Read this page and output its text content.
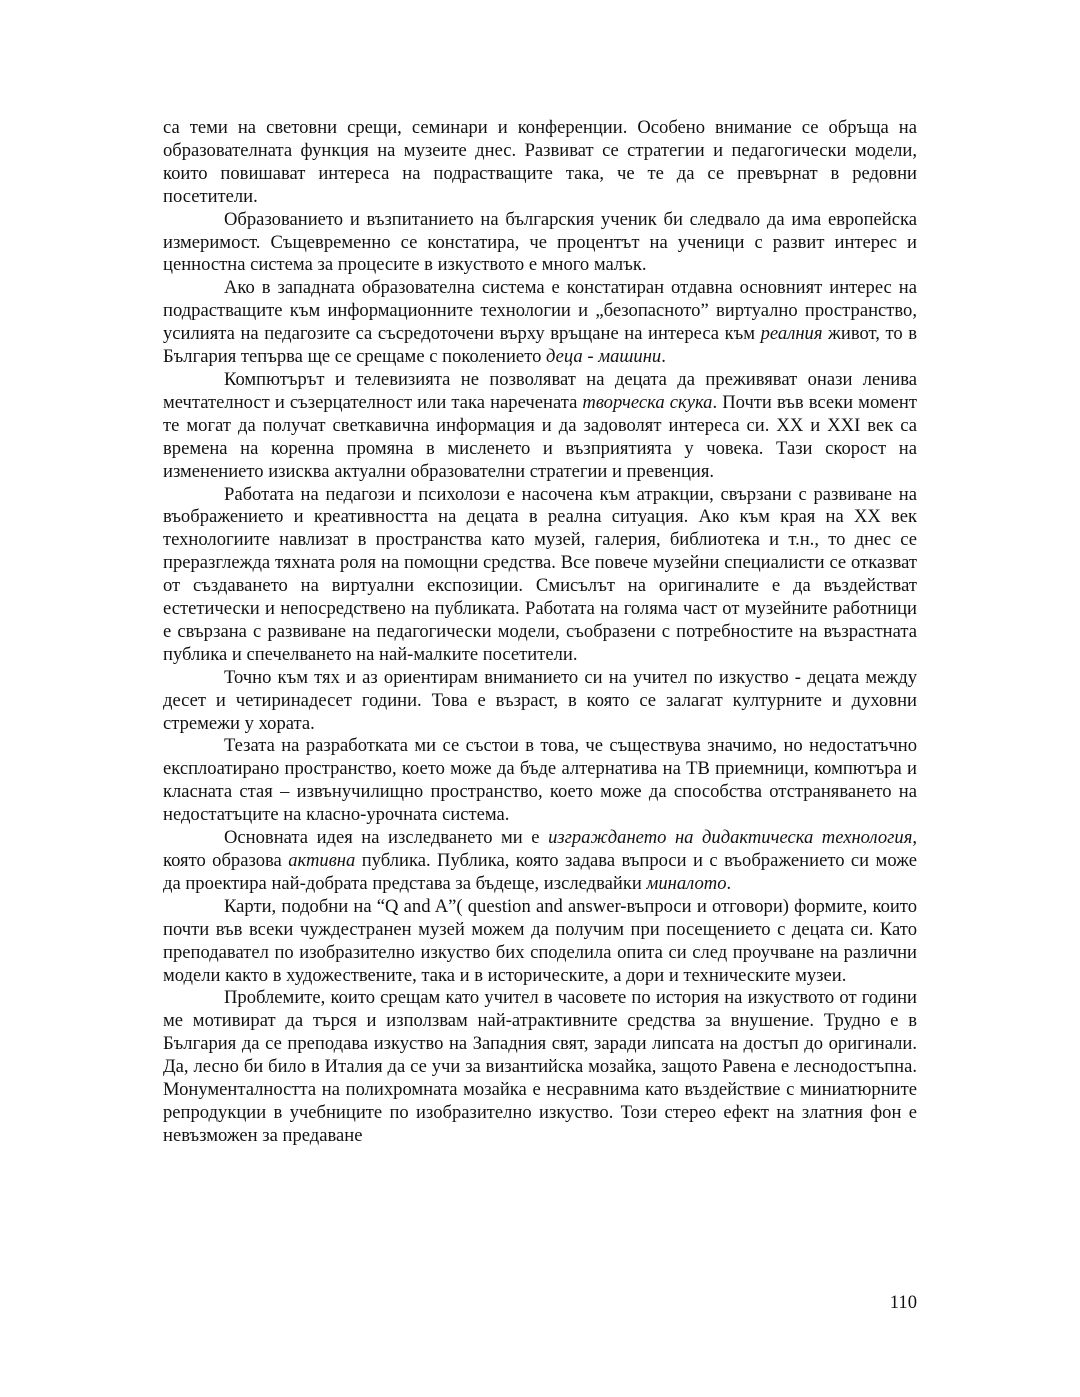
са теми на световни срещи, семинари и конференции. Особено внимание се обръща на образователната функция на музеите днес. Развиват се стратегии и педагогически модели, които повишават интереса на подрастващите така, че те да се превърнат в редовни посетители.

Образованието и възпитанието на българския ученик би следвало да има европейска измеримост. Същевременно се констатира, че процентът на ученици с развит интерес и ценностна система за процесите в изкуството е много малък.

Ако в западната образователна система е констатиран отдавна основният интерес на подрастващите към информационните технологии и „безопасното” виртуално пространство, усилията на педагозите са съсредоточени върху връщане на интереса към реалния живот, то в България тепърва ще се срещаме с поколението деца - машини.

Компютърът и телевизията не позволяват на децата да преживяват онази ленива мечтателност и съзерцателност или така наречената творческа скука. Почти във всеки момент те могат да получат светкавична информация и да задоволят интереса си. XX и XXI век са времена на коренна промяна в мисленето и възприятията у човека. Тази скорост на изменението изисква актуални образователни стратегии и превенция.

Работата на педагози и психолози е насочена към атракции, свързани с развиване на въображението и креативността на децата в реална ситуация. Ако към края на XX век технологиите навлизат в пространства като музей, галерия, библиотека и т.н., то днес се преразглежда тяхната роля на помощни средства. Все повече музейни специалисти се отказват от създаването на виртуални експозиции. Смисълът на оригиналите е да въздействат естетически и непосредствено на публиката. Работата на голяма част от музейните работници е свързана с развиване на педагогически модели, съобразени с потребностите на възрастната публика и спечелването на най-малките посетители.

Точно към тях и аз ориентирам вниманието си на учител по изкуство - децата между десет и четиринадесет години. Това е възраст, в която се залагат културните и духовни стремежи у хората.

Тезата на разработката ми се състои в това, че съществува значимо, но недостатъчно експлоатирано пространство, което може да бъде алтернатива на ТВ приемници, компютъра и класната стая – извънучилищно пространство, което може да способства отстраняването на недостатъците на класно-урочната система.

Основната идея на изследването ми е изграждането на дидактическа технология, която образова активна публика. Публика, която задава въпроси и с въображението си може да проектира най-добрата представа за бъдеще, изследвайки миналото.

Карти, подобни на “Q and A”( question and answer-въпроси и отговори) формите, които почти във всеки чуждестранен музей можем да получим при посещението с децата си. Като преподавател по изобразително изкуство бих споделила опита си след проучване на различни модели както в художествените, така и в историческите, а дори и техническите музеи.

Проблемите, които срещам като учител в часовете по история на изкуството от години ме мотивират да търся и използвам най-атрактивните средства за внушение. Трудно е в България да се преподава изкуство на Западния свят, заради липсата на достъп до оригинали. Да, лесно би било в Италия да се учи за византийска мозайка, защото Равена е леснодостъпна. Монументалността на полихромната мозайка е несравнима като въздействие с миниатюрните репродукции в учебниците по изобразително изкуство. Този стерео ефект на златния фон е невъзможен за предаване

110
